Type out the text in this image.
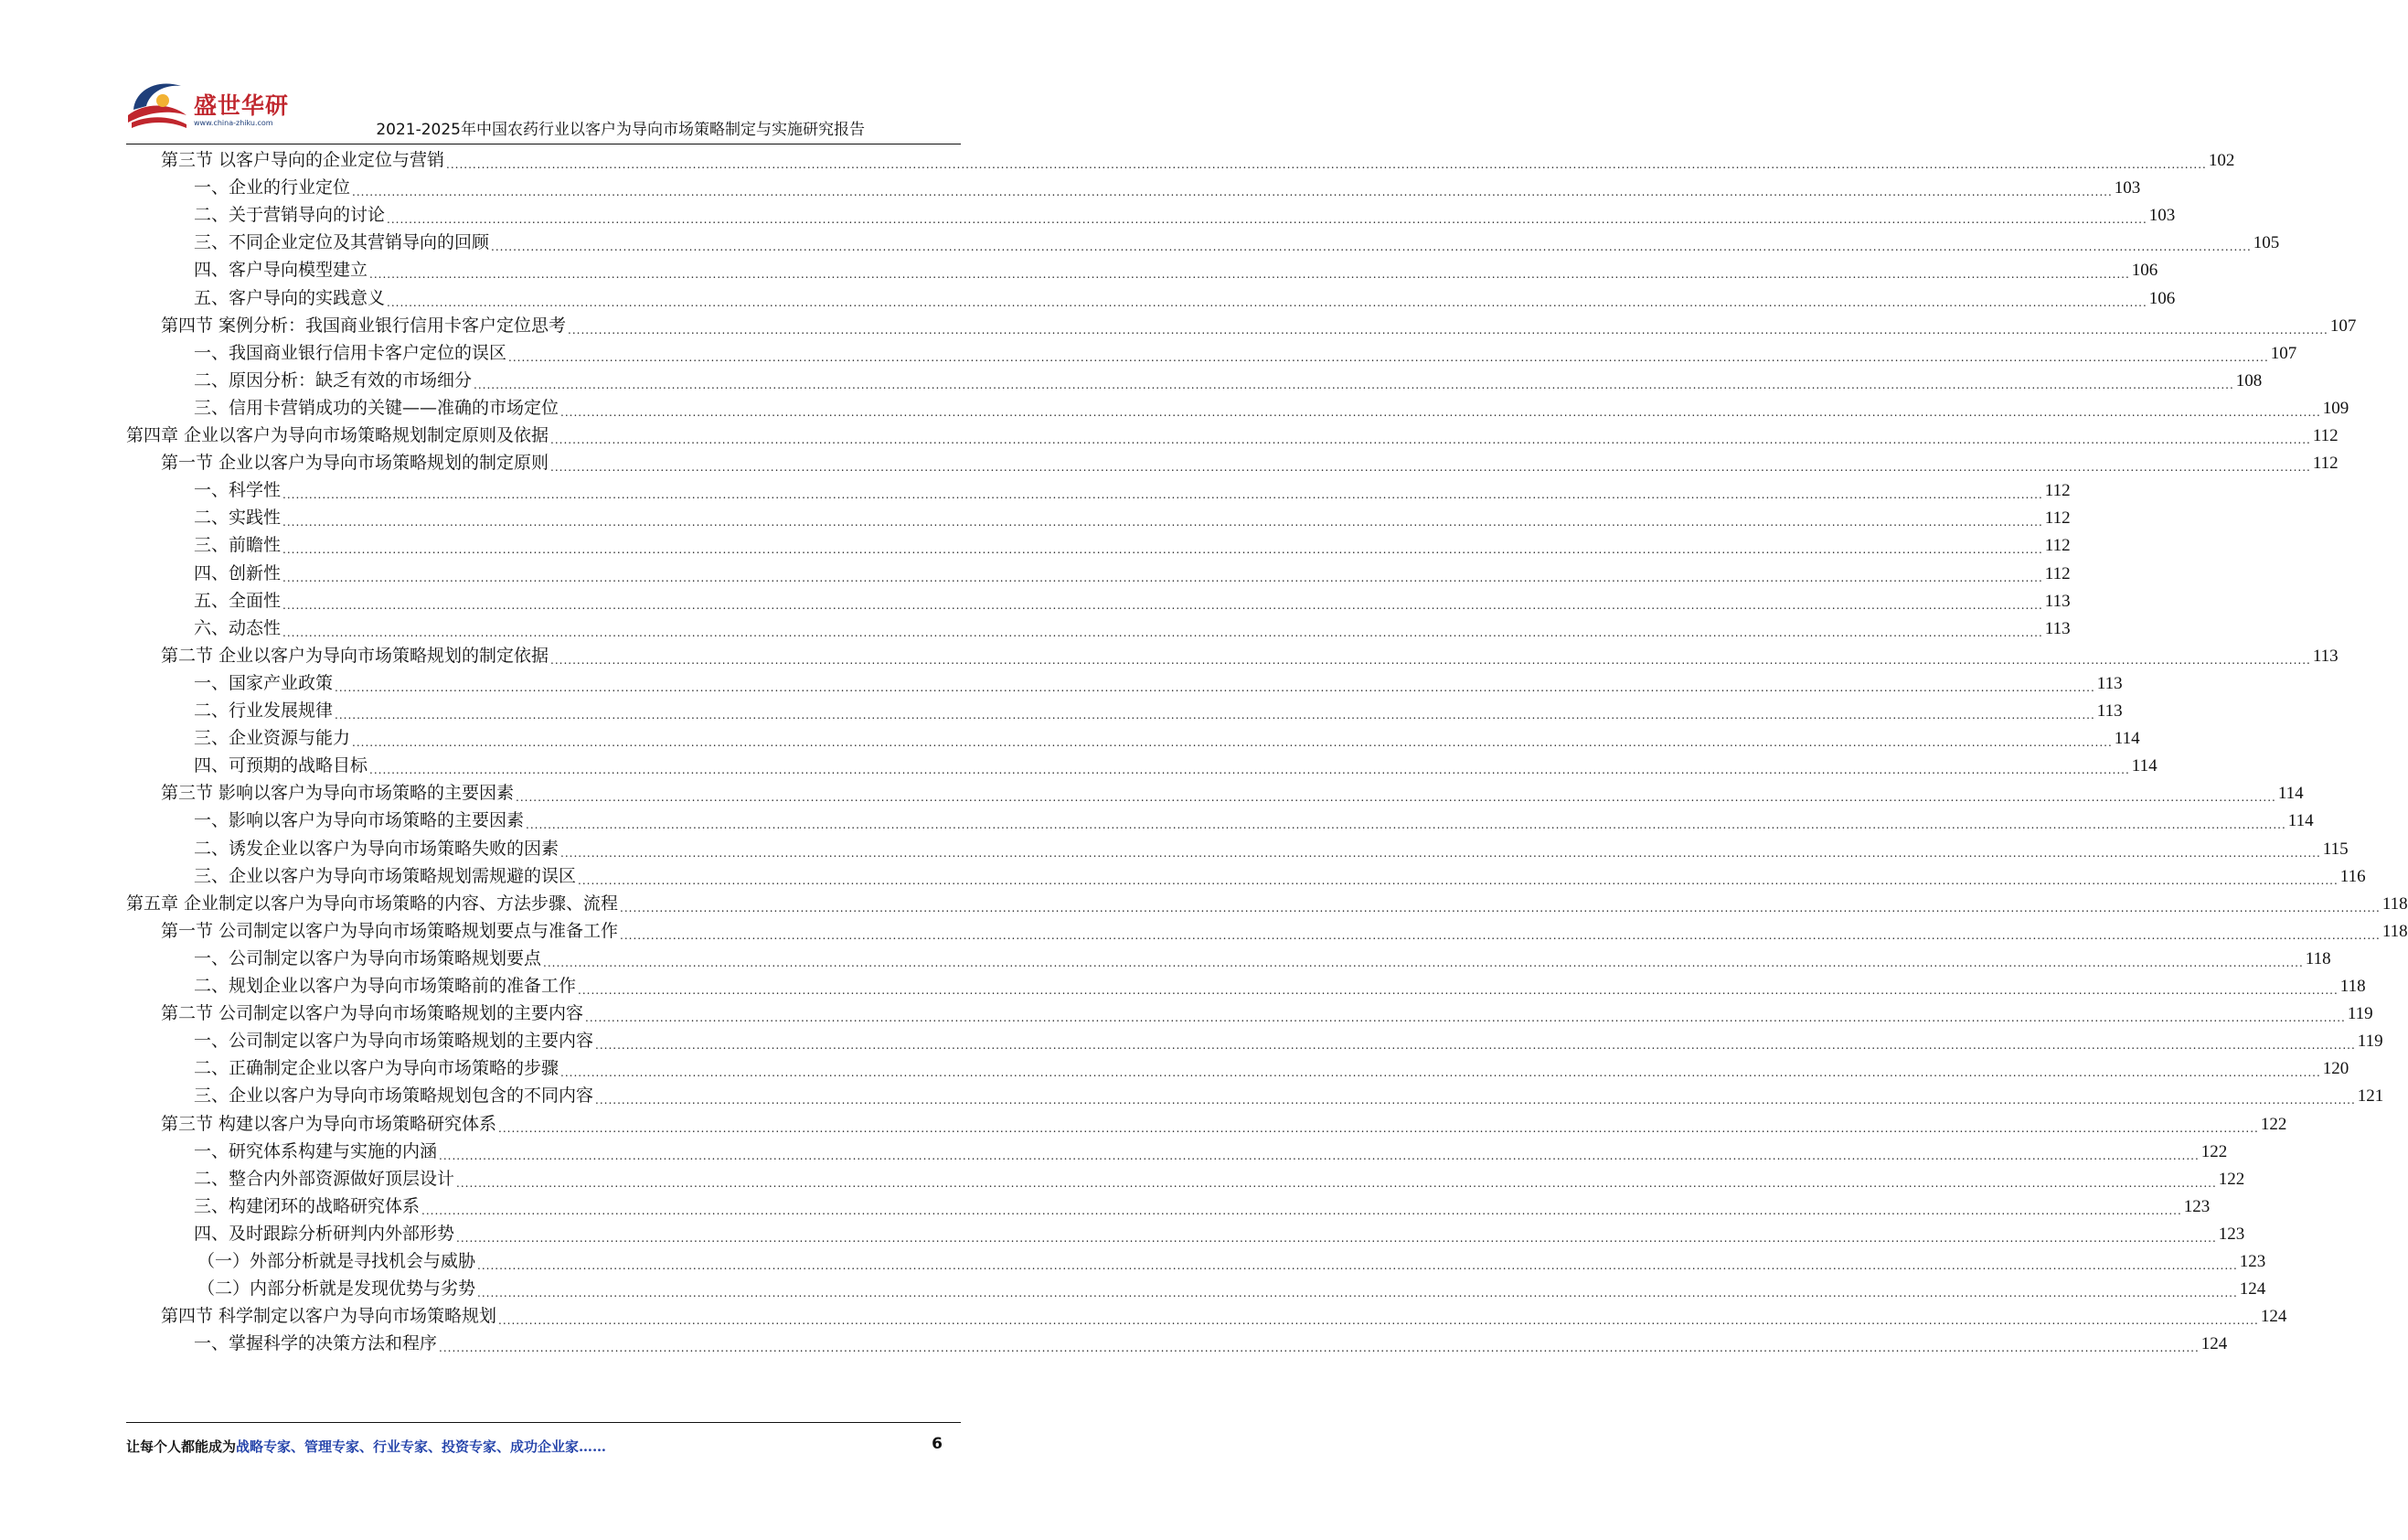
盛世华研
www.china-zhiku.com	2021-2025年中国农药行业以客户为导向市场策略制定与实施研究报告
第三节 以客户导向的企业定位与营销 ................................................................................................................................................................................................................................................................................................................................................................................................................ 102
一、企业的行业定位 ................................................................................................................................................................................................................................................................................................................................................................................................................ 103
二、关于营销导向的讨论 ................................................................................................................................................................................................................................................................................................................................................................................................................ 103
三、不同企业定位及其营销导向的回顾 ................................................................................................................................................................................................................................................................................................................................................................................................................ 105
四、客户导向模型建立 ................................................................................................................................................................................................................................................................................................................................................................................................................ 106
五、客户导向的实践意义 ................................................................................................................................................................................................................................................................................................................................................................................................................ 106
第四节 案例分析：我国商业银行信用卡客户定位思考 ................................................................................................................................................................................................................................................................................................................................................................................................................ 107
一、我国商业银行信用卡客户定位的误区 ................................................................................................................................................................................................................................................................................................................................................................................................................ 107
二、原因分析：缺乏有效的市场细分 ................................................................................................................................................................................................................................................................................................................................................................................................................ 108
三、信用卡营销成功的关键——准确的市场定位 ................................................................................................................................................................................................................................................................................................................................................................................................................ 109
第四章 企业以客户为导向市场策略规划制定原则及依据 ................................................................................................................................................................................................................................................................................................................................................................................................................ 112
第一节 企业以客户为导向市场策略规划的制定原则 ................................................................................................................................................................................................................................................................................................................................................................................................................ 112
一、科学性 ................................................................................................................................................................................................................................................................................................................................................................................................................ 112
二、实践性 ................................................................................................................................................................................................................................................................................................................................................................................................................ 112
三、前瞻性 ................................................................................................................................................................................................................................................................................................................................................................................................................ 112
四、创新性 ................................................................................................................................................................................................................................................................................................................................................................................................................ 112
五、全面性 ................................................................................................................................................................................................................................................................................................................................................................................................................ 113
六、动态性 ................................................................................................................................................................................................................................................................................................................................................................................................................ 113
第二节 企业以客户为导向市场策略规划的制定依据 ................................................................................................................................................................................................................................................................................................................................................................................................................ 113
一、国家产业政策 ................................................................................................................................................................................................................................................................................................................................................................................................................ 113
二、行业发展规律 ................................................................................................................................................................................................................................................................................................................................................................................................................ 113
三、企业资源与能力 ................................................................................................................................................................................................................................................................................................................................................................................................................ 114
四、可预期的战略目标 ................................................................................................................................................................................................................................................................................................................................................................................................................ 114
第三节 影响以客户为导向市场策略的主要因素 ................................................................................................................................................................................................................................................................................................................................................................................................................ 114
一、影响以客户为导向市场策略的主要因素 ................................................................................................................................................................................................................................................................................................................................................................................................................ 114
二、诱发企业以客户为导向市场策略失败的因素 ................................................................................................................................................................................................................................................................................................................................................................................................................ 115
三、企业以客户为导向市场策略规划需规避的误区 ................................................................................................................................................................................................................................................................................................................................................................................................................ 116
第五章 企业制定以客户为导向市场策略的内容、方法步骤、流程 ................................................................................................................................................................................................................................................................................................................................................................................................................ 118
第一节 公司制定以客户为导向市场策略规划要点与准备工作 ................................................................................................................................................................................................................................................................................................................................................................................................................ 118
一、公司制定以客户为导向市场策略规划要点 ................................................................................................................................................................................................................................................................................................................................................................................................................ 118
二、规划企业以客户为导向市场策略前的准备工作 ................................................................................................................................................................................................................................................................................................................................................................................................................ 118
第二节 公司制定以客户为导向市场策略规划的主要内容 ................................................................................................................................................................................................................................................................................................................................................................................................................ 119
一、公司制定以客户为导向市场策略规划的主要内容 ................................................................................................................................................................................................................................................................................................................................................................................................................ 119
二、正确制定企业以客户为导向市场策略的步骤 ................................................................................................................................................................................................................................................................................................................................................................................................................ 120
三、企业以客户为导向市场策略规划包含的不同内容 ................................................................................................................................................................................................................................................................................................................................................................................................................ 121
第三节 构建以客户为导向市场策略研究体系 ................................................................................................................................................................................................................................................................................................................................................................................................................ 122
一、研究体系构建与实施的内涵 ................................................................................................................................................................................................................................................................................................................................................................................................................ 122
二、整合内外部资源做好顶层设计 ................................................................................................................................................................................................................................................................................................................................................................................................................ 122
三、构建闭环的战略研究体系 ................................................................................................................................................................................................................................................................................................................................................................................................................ 123
四、及时跟踪分析研判内外部形势 ................................................................................................................................................................................................................................................................................................................................................................................................................ 123
（一）外部分析就是寻找机会与威胁 ................................................................................................................................................................................................................................................................................................................................................................................................................ 123
（二）内部分析就是发现优势与劣势 ................................................................................................................................................................................................................................................................................................................................................................................................................ 124
第四节 科学制定以客户为导向市场策略规划 ................................................................................................................................................................................................................................................................................................................................................................................................................ 124
一、掌握科学的决策方法和程序 ................................................................................................................................................................................................................................................................................................................................................................................................................ 124
让每个人都能成为战略专家、管理专家、行业专家、投资专家、成功企业家……	6
